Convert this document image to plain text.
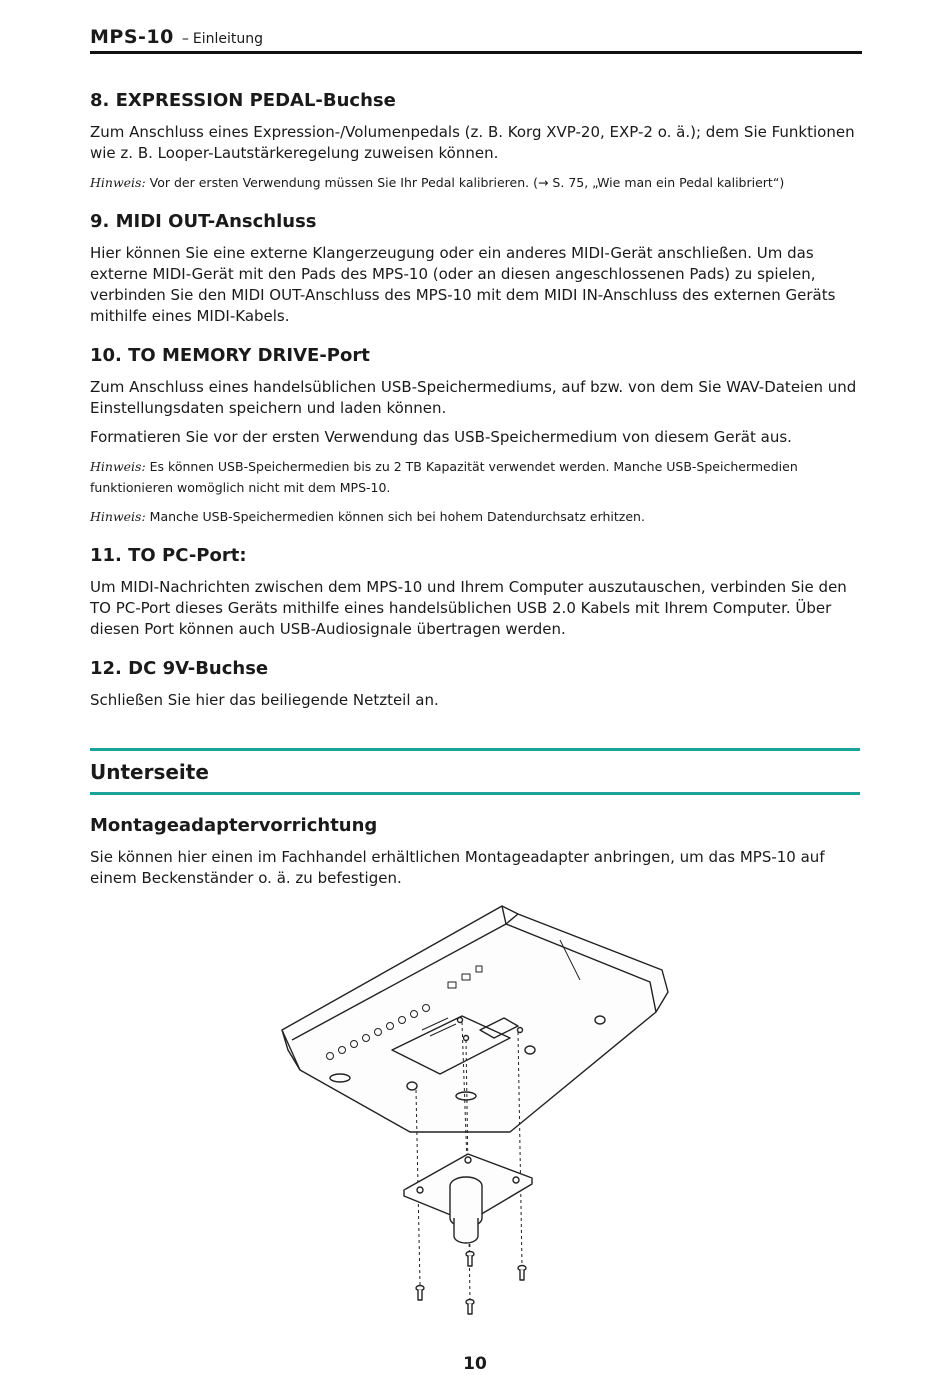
MPS-10 – Einleitung
8. EXPRESSION PEDAL-Buchse

Zum Anschluss eines Expression-/Volumenpedals (z. B. Korg XVP-20, EXP-2 o. ä.); dem Sie Funktionen wie z. B. Looper-Lautstärkeregelung zuweisen können.

Hinweis: Vor der ersten Verwendung müssen Sie Ihr Pedal kalibrieren. (→ S. 75, „Wie man ein Pedal kalibriert“)

9. MIDI OUT-Anschluss

Hier können Sie eine externe Klangerzeugung oder ein anderes MIDI-Gerät anschließen. Um das externe MIDI-Gerät mit den Pads des MPS-10 (oder an diesen angeschlossenen Pads) zu spielen, verbinden Sie den MIDI OUT-Anschluss des MPS-10 mit dem MIDI IN-Anschluss des externen Geräts mithilfe eines MIDI-Kabels.

10. TO MEMORY DRIVE-Port

Zum Anschluss eines handelsüblichen USB-Speichermediums, auf bzw. von dem Sie WAV-Dateien und Einstellungsdaten speichern und laden können.

Formatieren Sie vor der ersten Verwendung das USB-Speichermedium von diesem Gerät aus.

Hinweis: Es können USB-Speichermedien bis zu 2 TB Kapazität verwendet werden. Manche USB-Speichermedien funktionieren womöglich nicht mit dem MPS-10.

Hinweis: Manche USB-Speichermedien können sich bei hohem Datendurchsatz erhitzen.

11. TO PC-Port:

Um MIDI-Nachrichten zwischen dem MPS-10 und Ihrem Computer auszutauschen, verbinden Sie den TO PC-Port dieses Geräts mithilfe eines handelsüblichen USB 2.0 Kabels mit Ihrem Computer. Über diesen Port können auch USB-Audiosignale übertragen werden.

12. DC 9V-Buchse

Schließen Sie hier das beiliegende Netzteil an.

Unterseite
Montageadaptervorrichtung

Sie können hier einen im Fachhandel erhältlichen Montageadapter anbringen, um das MPS-10 auf einem Beckenständer o. ä. zu befestigen.

10
